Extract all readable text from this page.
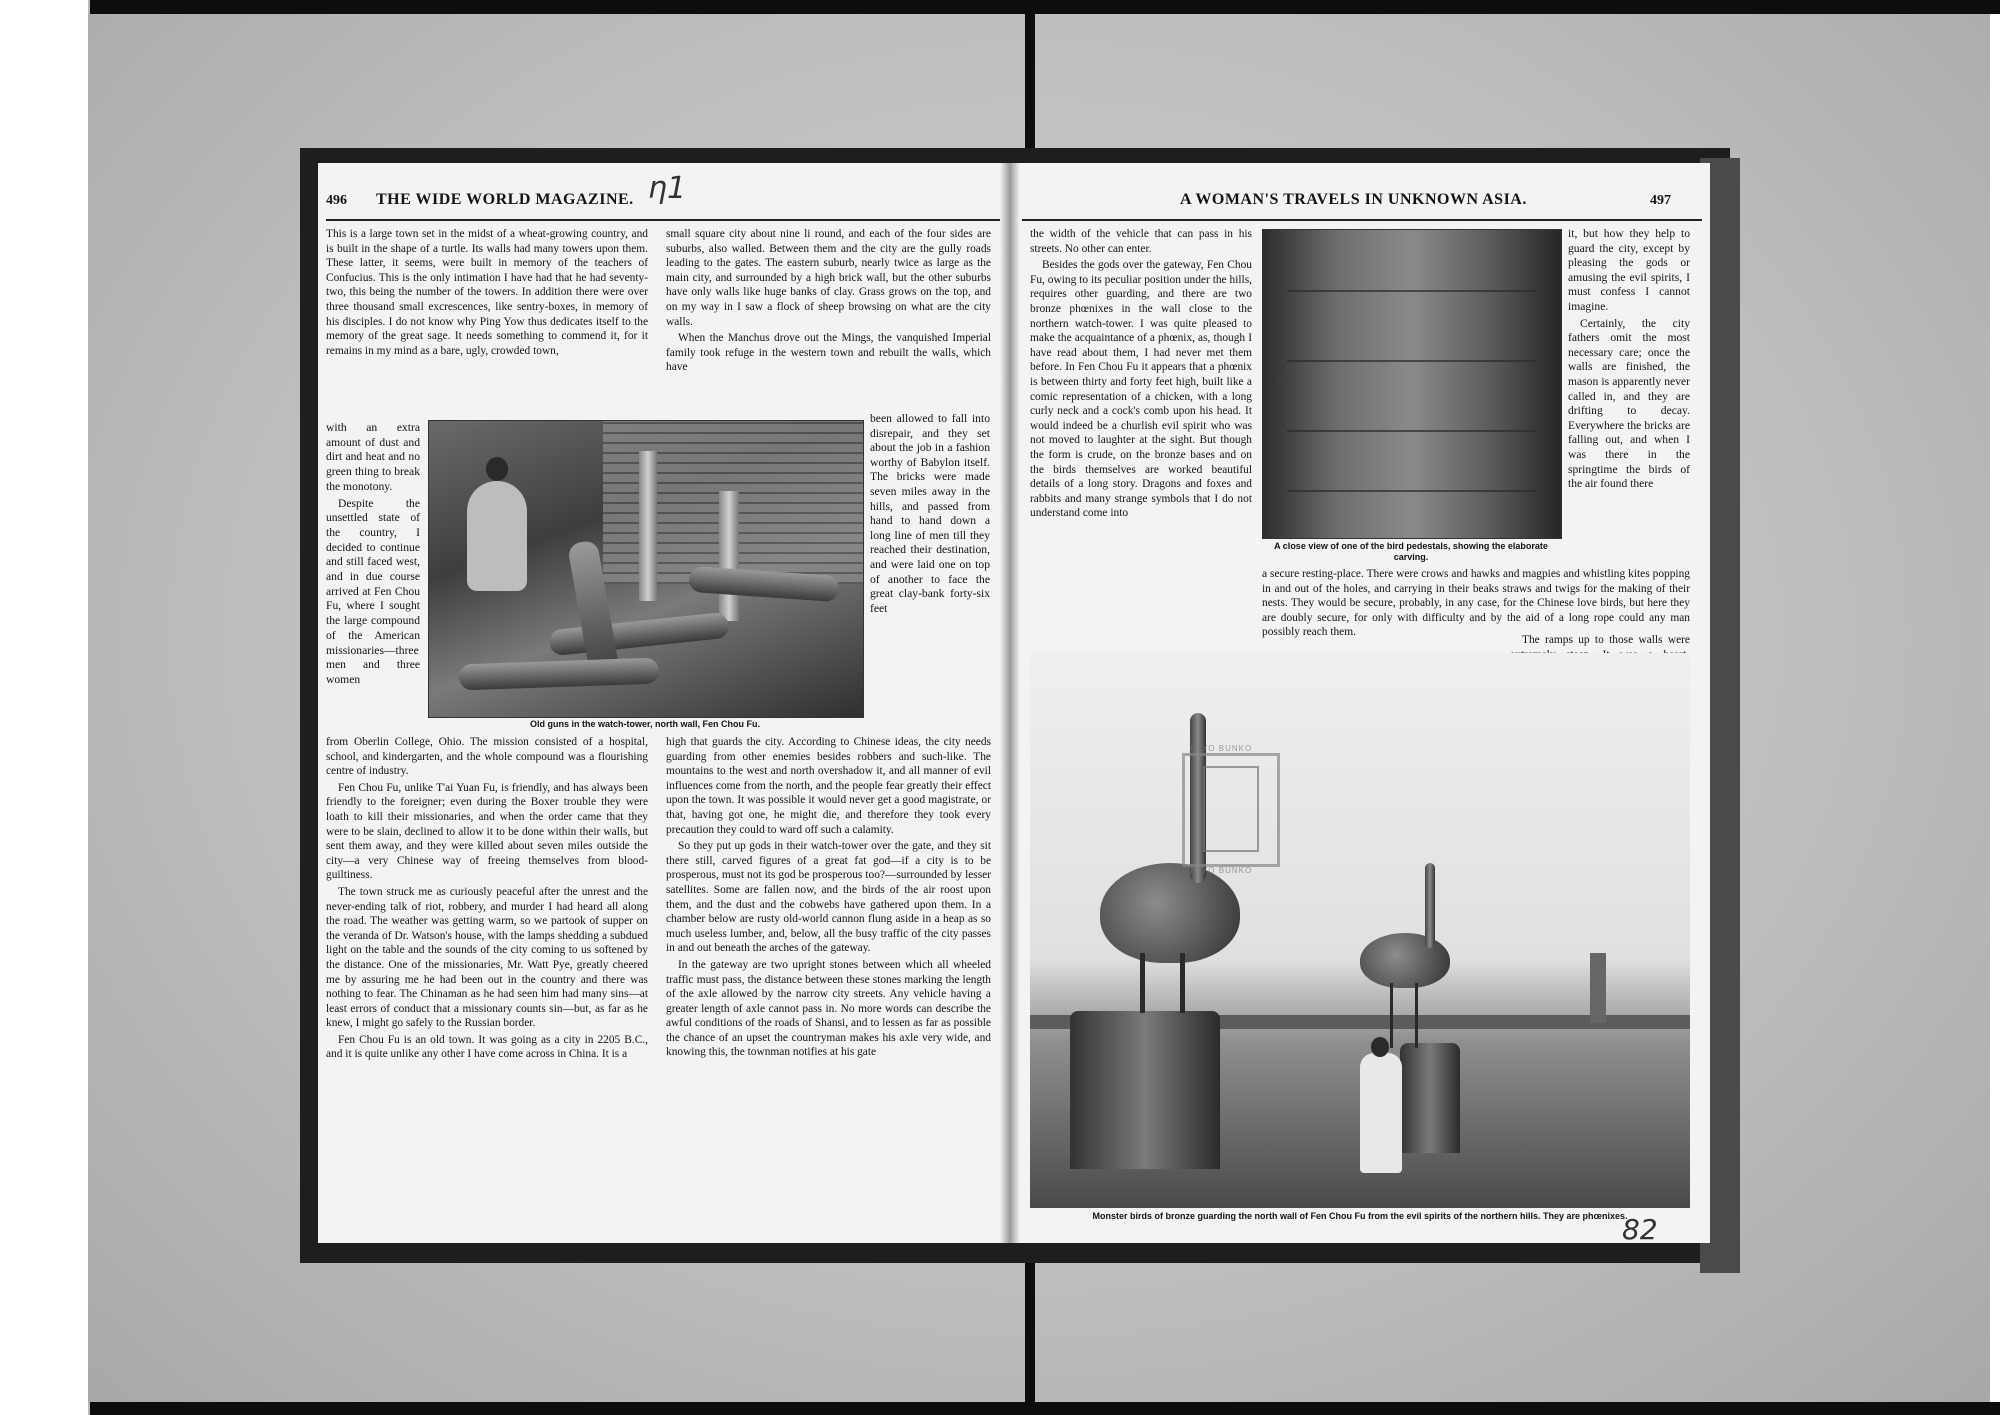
496 THE WIDE WORLD MAGAZINE. ƞ1

This is a large town set in the midst of a wheat-growing country, and is built in the shape of a turtle. Its walls had many towers upon them. These latter, it seems, were built in memory of the teachers of Confucius. This is the only intimation I have had that he had seventy-two, this being the number of the towers. In addition there were over three thousand small excrescences, like sentry-boxes, in memory of his disciples. I do not know why Ping Yow thus dedicates itself to the memory of the great sage. It needs something to commend it, for it remains in my mind as a bare, ugly, crowded town,

with an extra amount of dust and dirt and heat and no green thing to break the monotony.

Despite the unsettled state of the country, I decided to continue and still faced west, and in due course arrived at Fen Chou Fu, where I sought the large compound of the American missionaries—three men and three women

Old guns in the watch-tower, north wall, Fen Chou Fu.

from Oberlin College, Ohio. The mission consisted of a hospital, school, and kindergarten, and the whole compound was a flourishing centre of industry.

Fen Chou Fu, unlike T'ai Yuan Fu, is friendly, and has always been friendly to the foreigner; even during the Boxer trouble they were loath to kill their missionaries, and when the order came that they were to be slain, declined to allow it to be done within their walls, but sent them away, and they were killed about seven miles outside the city—a very Chinese way of freeing themselves from blood-guiltiness.

The town struck me as curiously peaceful after the unrest and the never-ending talk of riot, robbery, and murder I had heard all along the road. The weather was getting warm, so we partook of supper on the veranda of Dr. Watson's house, with the lamps shedding a subdued light on the table and the sounds of the city coming to us softened by the distance. One of the missionaries, Mr. Watt Pye, greatly cheered me by assuring me he had been out in the country and there was nothing to fear. The Chinaman as he had seen him had many sins—at least errors of conduct that a missionary counts sin—but, as far as he knew, I might go safely to the Russian border.

Fen Chou Fu is an old town. It was going as a city in 2205 B.C., and it is quite unlike any other I have come across in China. It is a

small square city about nine li round, and each of the four sides are suburbs, also walled. Between them and the city are the gully roads leading to the gates. The eastern suburb, nearly twice as large as the main city, and surrounded by a high brick wall, but the other suburbs have only walls like huge banks of clay. Grass grows on the top, and on my way in I saw a flock of sheep browsing on what are the city walls.

When the Manchus drove out the Mings, the vanquished Imperial family took refuge in the western town and rebuilt the walls, which have

been allowed to fall into disrepair, and they set about the job in a fashion worthy of Babylon itself. The bricks were made seven miles away in the hills, and passed from hand to hand down a long line of men till they reached their destination, and were laid one on top of another to face the great clay-bank forty-six feet

high that guards the city. According to Chinese ideas, the city needs guarding from other enemies besides robbers and such-like. The mountains to the west and north overshadow it, and all manner of evil influences come from the north, and the people fear greatly their effect upon the town. It was possible it would never get a good magistrate, or that, having got one, he might die, and therefore they took every precaution they could to ward off such a calamity.

So they put up gods in their watch-tower over the gate, and they sit there still, carved figures of a great fat god—if a city is to be prosperous, must not its god be prosperous too?—surrounded by lesser satellites. Some are fallen now, and the birds of the air roost upon them, and the dust and the cobwebs have gathered upon them. In a chamber below are rusty old-world cannon flung aside in a heap as so much useless lumber, and, below, all the busy traffic of the city passes in and out beneath the arches of the gateway.

In the gateway are two upright stones between which all wheeled traffic must pass, the distance between these stones marking the length of the axle allowed by the narrow city streets. Any vehicle having a greater length of axle cannot pass in. No more words can describe the awful conditions of the roads of Shansi, and to lessen as far as possible the chance of an upset the countryman makes his axle very wide, and knowing this, the townman notifies at his gate

A WOMAN'S TRAVELS IN UNKNOWN ASIA.	497

the width of the vehicle that can pass in his streets. No other can enter.

Besides the gods over the gateway, Fen Chou Fu, owing to its peculiar position under the hills, requires other guarding, and there are two bronze phœnixes in the wall close to the northern watch-tower. I was quite pleased to make the acquaintance of a phœnix, as, though I have read about them, I had never met them before. In Fen Chou Fu it appears that a phœnix is between thirty and forty feet high, built like a comic representation of a chicken, with a long curly neck and a cock's comb upon his head. It would indeed be a churlish evil spirit who was not moved to laughter at the sight. But though the form is crude, on the bronze bases and on the birds themselves are worked beautiful details of a long story. Dragons and foxes and rabbits and many strange symbols that I do not understand come into

A close view of one of the bird pedestals, showing the elaborate carving.

it, but how they help to guard the city, except by pleasing the gods or amusing the evil spirits, I must confess I cannot imagine.

Certainly, the city fathers omit the most necessary care; once the walls are finished, the mason is apparently never called in, and they are drifting to decay. Everywhere the bricks are falling out, and when I was there in the springtime the birds of the air found there

a secure resting-place. There were crows and hawks and magpies and whistling kites popping in and out of the holes, and carrying in their beaks straws and twigs for the making of their nests. They would be secure, probably, in any case, for the Chinese love birds, but here they are doubly secure, for only with difficulty and by the aid of a long rope could any man possibly reach them.

The ramps up to those walls were

Monster birds of bronze guarding the north wall of Fen Chou Fu from the evil spirits of the northern hills. They are phœnixes.
TOYO BUNKO
TOYO BUNKO
82
